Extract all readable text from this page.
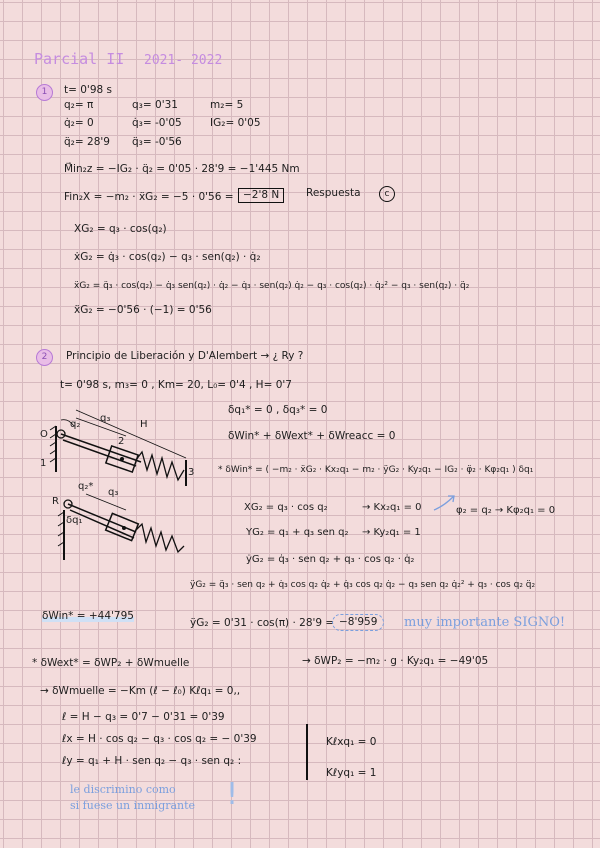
Parcial II 2021- 2022
1	t= 0'98 s
q₂= π	q₃= 0'31	m₂= 5
q̇₂= 0	q̇₃= -0'05	IG₂= 0'05
q̈₂= 28'9 q̈₃= -0'56
M⃗in₂z = −IG₂ · q̈₂ = 0'05 · 28'9 = −1'445 Nm
Fin₂X = −m₂ · ẍG₂ = −5 · 0'56 = −2'8 N	Respuesta	c
XG₂ = q₃ · cos(q₂)
ẋG₂ = q̇₃ · cos(q₂) − q₃ · sen(q₂) · q̇₂
ẍG₂ = q̈₃ · cos(q₂) − q̇₃ sen(q₂) · q̇₂ − q̇₃ · sen(q₂) q̇₂ − q₃ · cos(q₂) · q̇₂² − q₃ · sen(q₂) · q̈₂
ẍG₂ = −0'56 · (−1) = 0'56
2	Principio de Liberación y D'Alembert → ¿ Ry ?
t= 0'98 s, m₃= 0 , Km= 20, L₀= 0'4 , H= 0'7
δq₁* = 0 , δq₃* = 0
δWin* + δWext* + δWreacc = 0
q₃
H
q₂
O
1
2
3
q₂*
q₃
R
δq₁
* δWin* = ( −m₂ · ẍG₂ · Kx₂q₁ − m₂ · ÿG₂ · Ky₂q₁ − IG₂ · φ̈₂ · Kφ₂q₁ ) δq₁
XG₂ = q₃ · cos q₂	→ Kx₂q₁ = 0
YG₂ = q₁ + q₃ sen q₂ → Ky₂q₁ = 1
φ₂ = q₂ → Kφ₂q₁ = 0
ẏG₂ = q̇₃ · sen q₂ + q₃ · cos q₂ · q̇₂
ÿG₂ = q̈₃ · sen q₂ + q̇₃ cos q₂ q̇₂ + q̇₃ cos q₂ q̇₂ − q₃ sen q₂ q̇₂² + q₃ · cos q₂ q̈₂
δWin* = +44'795
ÿG₂ = 0'31 · cos(π) · 28'9 = −8'959	muy importante SIGNO!
* δWext* = δWP₂ + δWmuelle	→ δWP₂ = −m₂ · g · Ky₂q₁ = −49'05
→ δWmuelle = −Km (ℓ − ℓ₀) Kℓq₁ = 0,,
ℓ = H − q₃ = 0'7 − 0'31 = 0'39
ℓx = H · cos q₂ − q₃ · cos q₂ = − 0'39
ℓy = q₁ + H · sen q₂ − q₃ · sen q₂ :
Kℓxq₁ = 0
Kℓyq₁ = 1
le discrimino como
si fuese un inmigrante !
